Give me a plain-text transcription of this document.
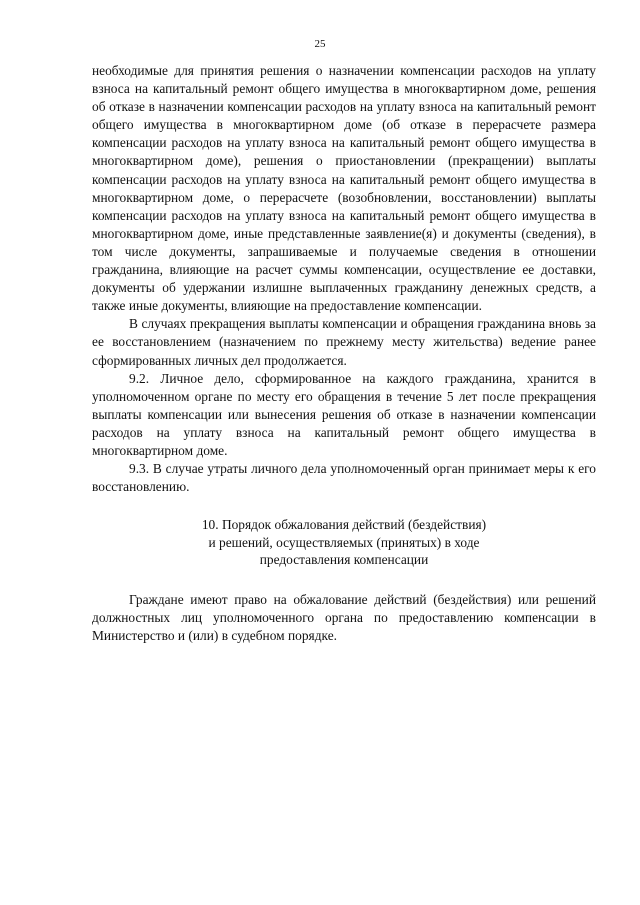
25

необходимые для принятия решения о назначении компенсации расходов на уплату взноса на капитальный ремонт общего имущества в многоквартирном доме, решения об отказе в назначении компенсации расходов на уплату взноса на капитальный ремонт общего имущества в многоквартирном доме (об отказе в перерасчете размера компенсации расходов на уплату взноса на капитальный ремонт общего имущества в многоквартирном доме), решения о приостановлении (прекращении) выплаты компенсации расходов на уплату взноса на капитальный ремонт общего имущества в многоквартирном доме, о перерасчете (возобновлении, восстановлении) выплаты компенсации расходов на уплату взноса на капитальный ремонт общего имущества в многоквартирном доме, иные представленные заявление(я) и документы (сведения), в том числе документы, запрашиваемые и получаемые сведения в отношении гражданина, влияющие на расчет суммы компенсации, осуществление ее доставки, документы об удержании излишне выплаченных гражданину денежных средств, а также иные документы, влияющие на предоставление компенсации.

В случаях прекращения выплаты компенсации и обращения гражданина вновь за ее восстановлением (назначением по прежнему месту жительства) ведение ранее сформированных личных дел продолжается.

9.2. Личное дело, сформированное на каждого гражданина, хранится в уполномоченном органе по месту его обращения в течение 5 лет после прекращения выплаты компенсации или вынесения решения об отказе в назначении компенсации расходов на уплату взноса на капитальный ремонт общего имущества в многоквартирном доме.

9.3. В случае утраты личного дела уполномоченный орган принимает меры к его восстановлению.

10. Порядок обжалования действий (бездействия)
и решений, осуществляемых (принятых) в ходе
предоставления компенсации

Граждане имеют право на обжалование действий (бездействия) или решений должностных лиц уполномоченного органа по предоставлению компенсации в Министерство и (или) в судебном порядке.
